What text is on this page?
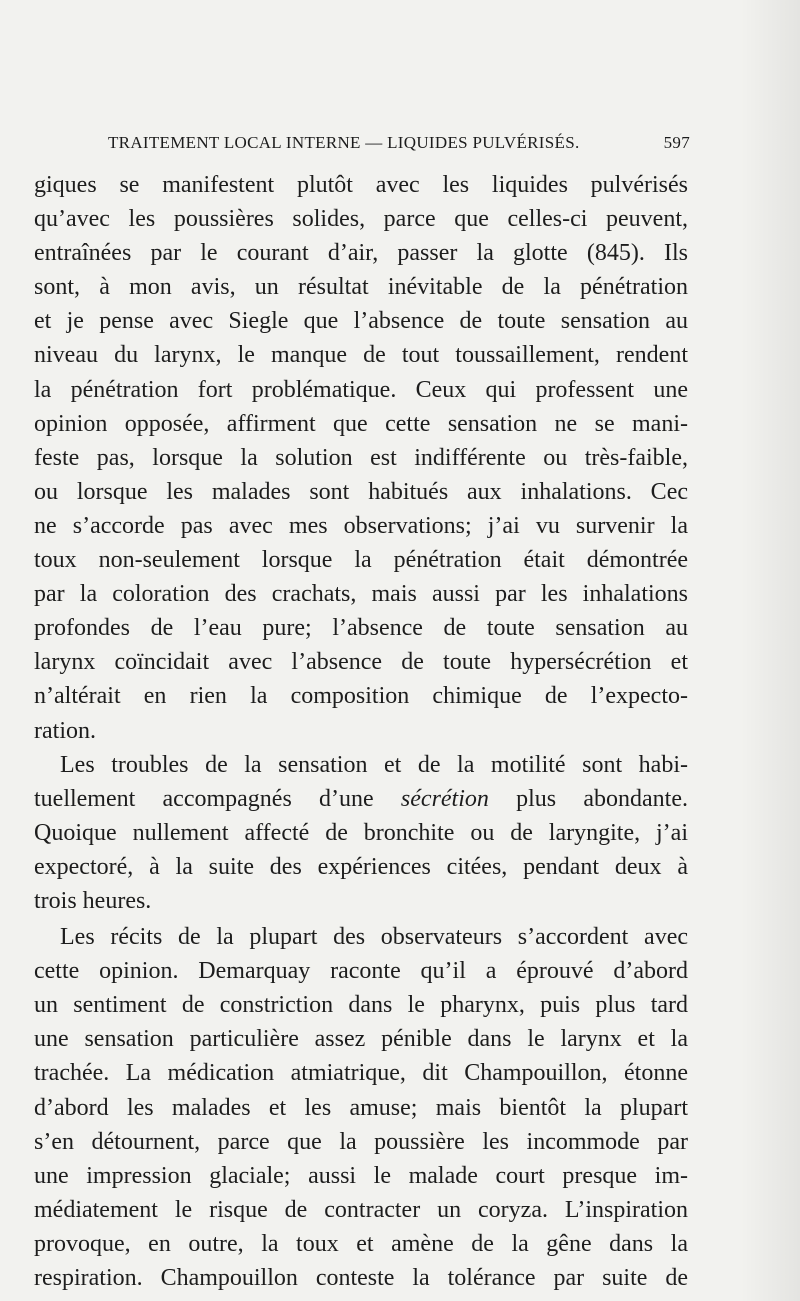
TRAITEMENT LOCAL INTERNE — LIQUIDES PULVÉRISÉS.	597
giques se manifestent plutôt avec les liquides pulvérisés
qu’avec les poussières solides, parce que celles-ci peuvent,
entraînées par le courant d’air, passer la glotte (845). Ils
sont, à mon avis, un résultat inévitable de la pénétration
et je pense avec Siegle que l’absence de toute sensation au
niveau du larynx, le manque de tout toussaillement, rendent
la pénétration fort problématique. Ceux qui professent une
opinion opposée, affirment que cette sensation ne se mani-
feste pas, lorsque la solution est indifférente ou très-faible,
ou lorsque les malades sont habitués aux inhalations. Cec
ne s’accorde pas avec mes observations; j’ai vu survenir la
toux non-seulement lorsque la pénétration était démontrée
par la coloration des crachats, mais aussi par les inhalations
profondes de l’eau pure; l’absence de toute sensation au
larynx coïncidait avec l’absence de toute hypersécrétion et
n’altérait en rien la composition chimique de l’expecto-
ration.
Les troubles de la sensation et de la motilité sont habi-
tuellement accompagnés d’une sécrétion plus abondante.
Quoique nullement affecté de bronchite ou de laryngite, j’ai
expectoré, à la suite des expériences citées, pendant deux à
trois heures.
Les récits de la plupart des observateurs s’accordent avec
cette opinion. Demarquay raconte qu’il a éprouvé d’abord
un sentiment de constriction dans le pharynx, puis plus tard
une sensation particulière assez pénible dans le larynx et la
trachée. La médication atmiatrique, dit Champouillon, étonne
d’abord les malades et les amuse; mais bientôt la plupart
s’en détournent, parce que la poussière les incommode par
une impression glaciale; aussi le malade court presque im-
médiatement le risque de contracter un coryza. L’inspiration
provoque, en outre, la toux et amène de la gêne dans la
respiration. Champouillon conteste la tolérance par suite de
